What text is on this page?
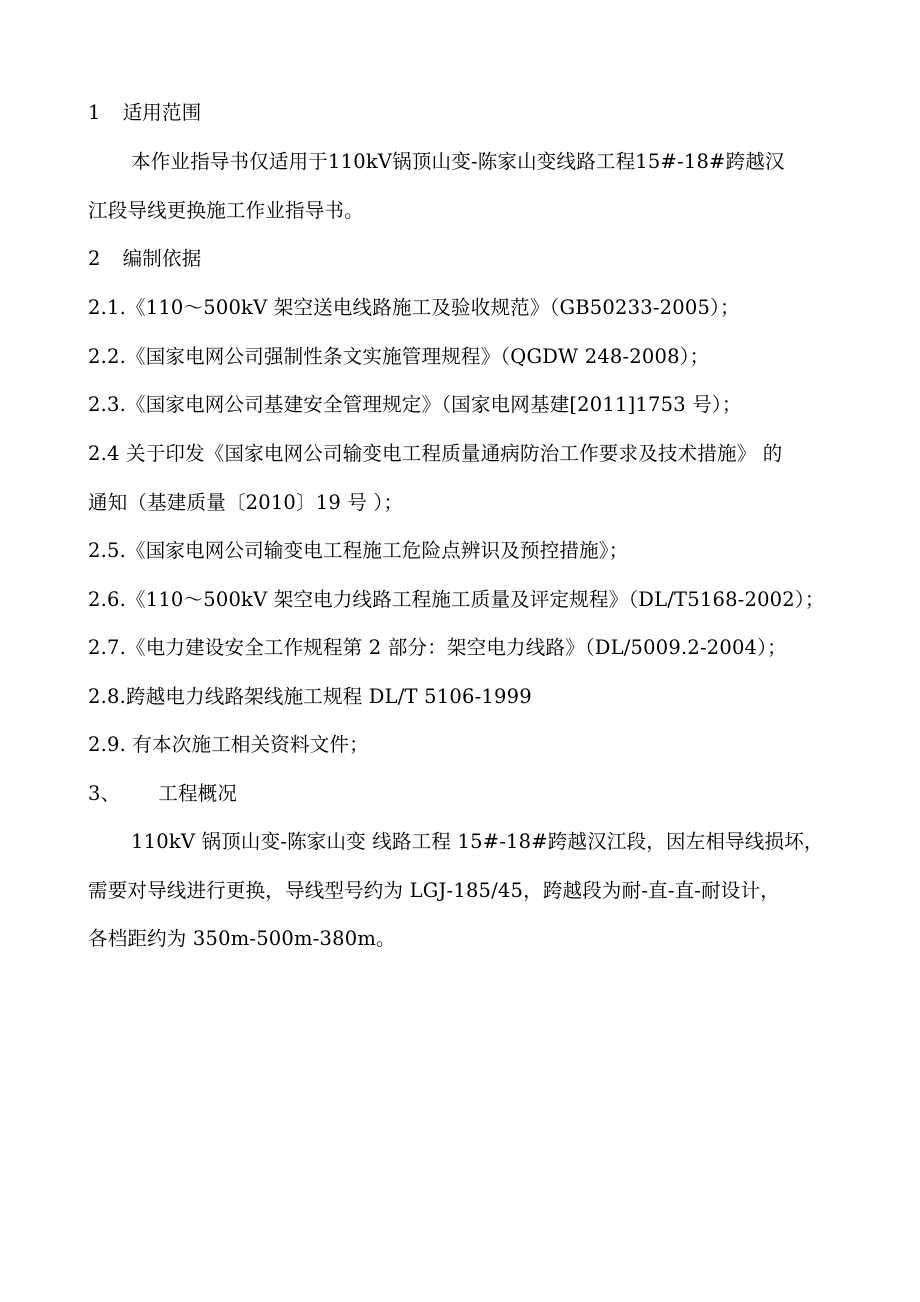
1 适用范围
本作业指导书仅适用于110kV锅顶山变-陈家山变线路工程15#-18#跨越汉
江段导线更换施工作业指导书。
2 编制依据
2.1.《110～500kV 架空送电线路施工及验收规范》（GB50233-2005）；
2.2.《国家电网公司强制性条文实施管理规程》（QGDW 248-2008）；
2.3.《国家电网公司基建安全管理规定》（国家电网基建[2011]1753 号）；
2.4 关于印发《国家电网公司输变电工程质量通病防治工作要求及技术措施》 的
通知（基建质量〔2010〕19 号 ）；
2.5.《国家电网公司输变电工程施工危险点辨识及预控措施》；
2.6.《110～500kV 架空电力线路工程施工质量及评定规程》（DL/T5168-2002）；
2.7.《电力建设安全工作规程第 2 部分：架空电力线路》（DL/5009.2-2004）；
2.8.跨越电力线路架线施工规程 DL/T 5106-1999
2.9. 有本次施工相关资料文件；
3、 工程概况
110kV 锅顶山变-陈家山变 线路工程 15#-18#跨越汉江段，因左相导线损坏，
需要对导线进行更换，导线型号约为 LGJ-185/45，跨越段为耐-直-直-耐设计，
各档距约为 350m-500m-380m。
